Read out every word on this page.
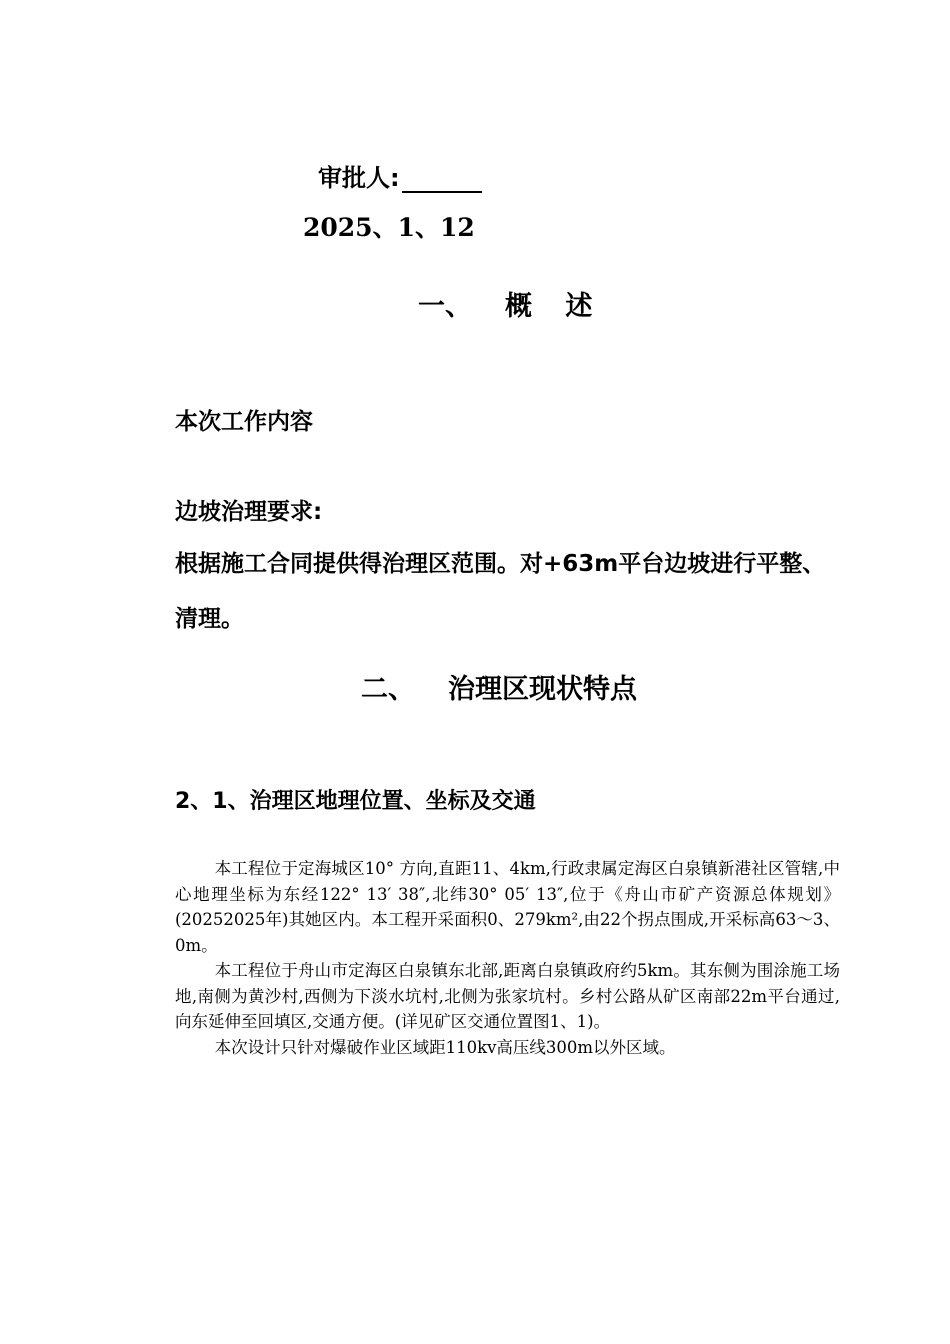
审批人:
2025、1、12
一、 概 述
本次工作内容
边坡治理要求:
根据施工合同提供得治理区范围。对+63m平台边坡进行平整、清理。
二、 治理区现状特点
2、1、治理区地理位置、坐标及交通

本工程位于定海城区10° 方向,直距11、4km,行政隶属定海区白泉镇新港社区管辖,中心地理坐标为东经122° 13′ 38″,北纬30° 05′ 13″,位于《舟山市矿产资源总体规划》(20252025年)其她区内。本工程开采面积0、279km²,由22个拐点围成,开采标高63～3、0m。

本工程位于舟山市定海区白泉镇东北部,距离白泉镇政府约5km。其东侧为围涂施工场地,南侧为黄沙村,西侧为下淡水坑村,北侧为张家坑村。乡村公路从矿区南部22m平台通过,向东延伸至回填区,交通方便。(详见矿区交通位置图1、1)。

本次设计只针对爆破作业区域距110kv高压线300m以外区域。
